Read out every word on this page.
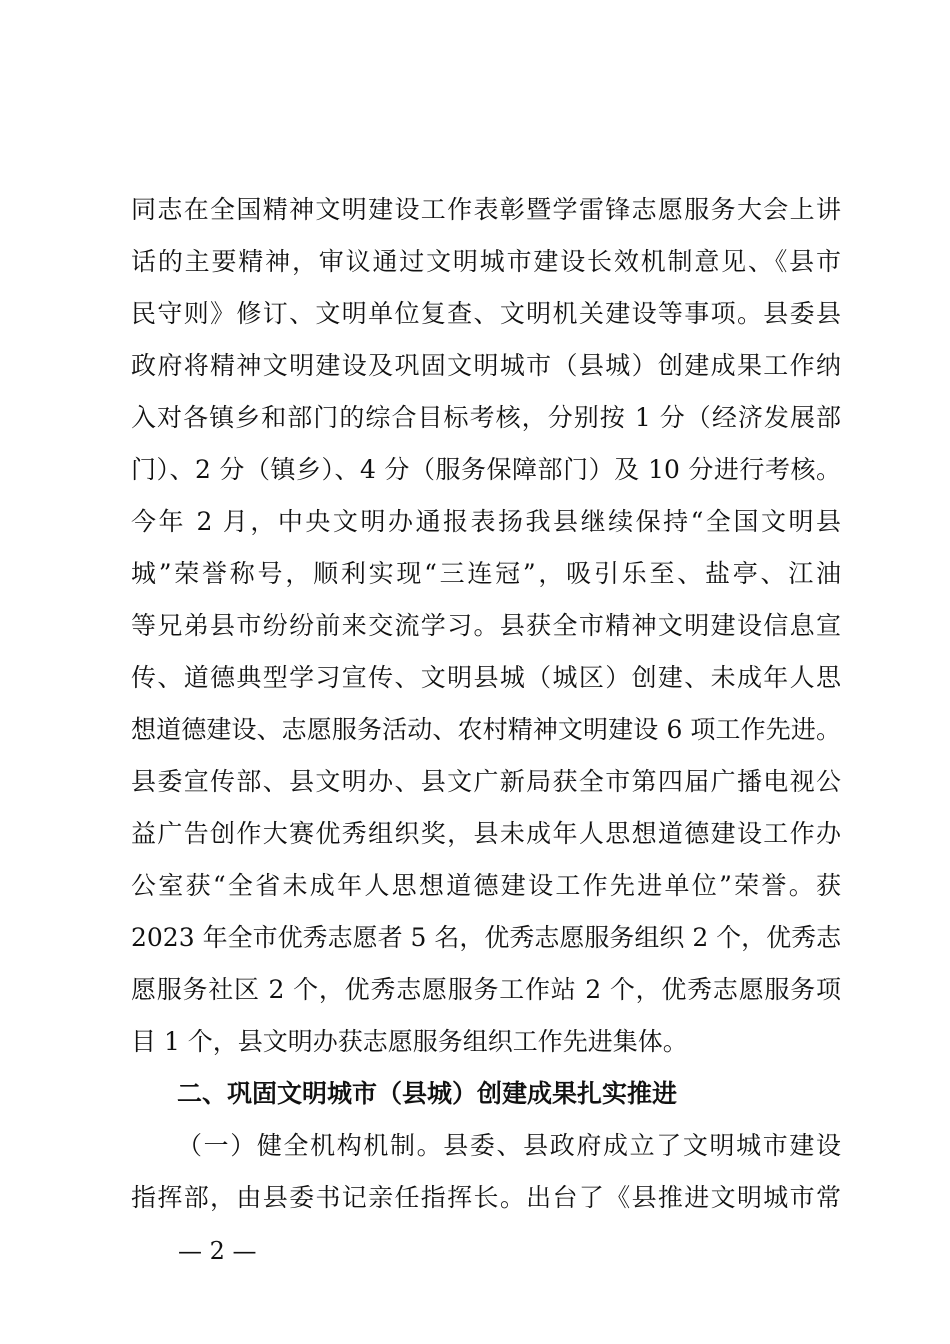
同志在全国精神文明建设工作表彰暨学雷锋志愿服务大会上讲
话的主要精神，审议通过文明城市建设长效机制意见、《县市
民守则》修订、文明单位复查、文明机关建设等事项。县委县
政府将精神文明建设及巩固文明城市（县城）创建成果工作纳
入对各镇乡和部门的综合目标考核，分别按 1 分（经济发展部
门）、2 分（镇乡）、4 分（服务保障部门）及 10 分进行考核。
今年 2 月，中央文明办通报表扬我县继续保持“全国文明县
城”荣誉称号，顺利实现“三连冠”，吸引乐至、盐亭、江油
等兄弟县市纷纷前来交流学习。县获全市精神文明建设信息宣
传、道德典型学习宣传、文明县城（城区）创建、未成年人思
想道德建设、志愿服务活动、农村精神文明建设 6 项工作先进。
县委宣传部、县文明办、县文广新局获全市第四届广播电视公
益广告创作大赛优秀组织奖，县未成年人思想道德建设工作办
公室获“全省未成年人思想道德建设工作先进单位”荣誉。获
2023 年全市优秀志愿者 5 名，优秀志愿服务组织 2 个，优秀志
愿服务社区 2 个，优秀志愿服务工作站 2 个，优秀志愿服务项
目 1 个，县文明办获志愿服务组织工作先进集体。
二、巩固文明城市（县城）创建成果扎实推进
（一）健全机构机制。县委、县政府成立了文明城市建设
指挥部，由县委书记亲任指挥长。出台了《县推进文明城市常
— 2 —
